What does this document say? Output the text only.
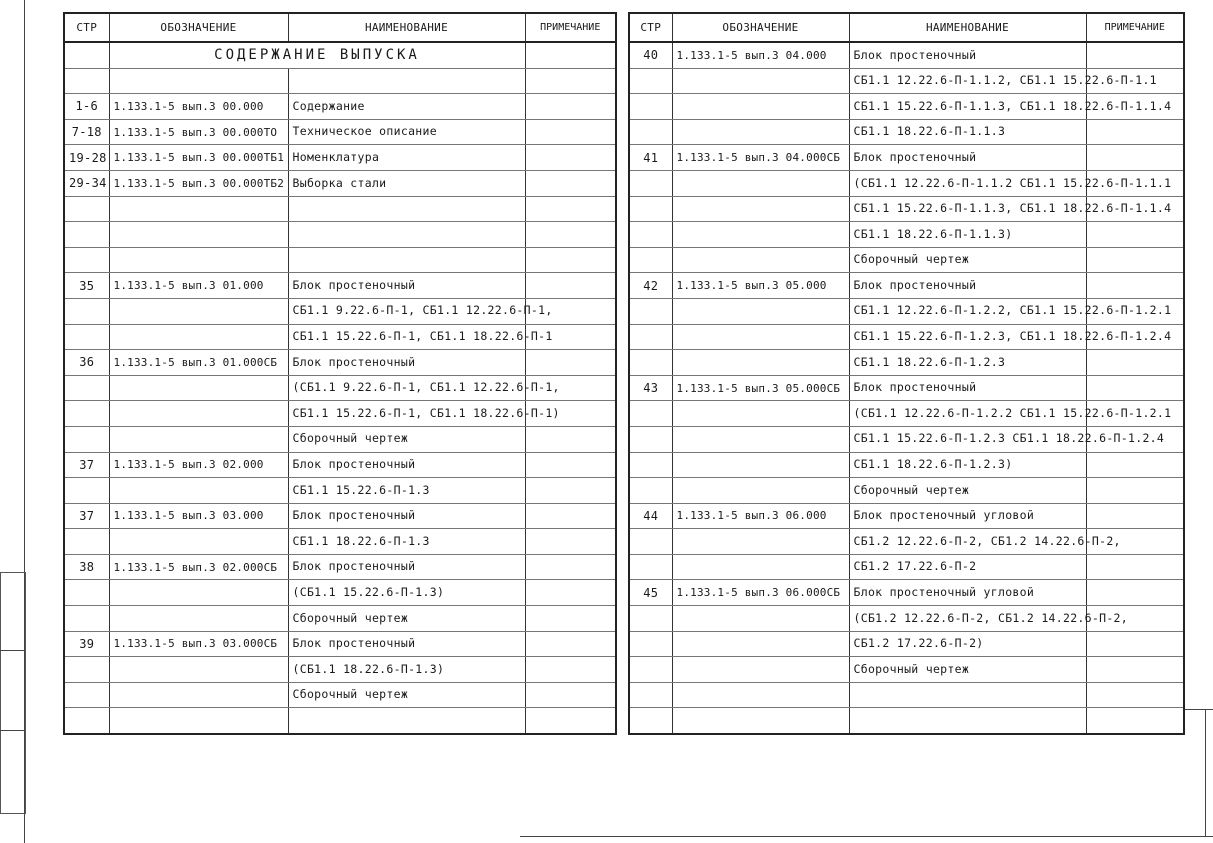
СТР	ОБОЗНАЧЕНИЕ	НАИМЕНОВАНИЕ	ПРИМЕЧАНИЕ
	СОДЕРЖАНИЕ ВЫПУСКА		

1-6	1.133.1-5 вып.3 00.000	Содержание	
7-18	1.133.1-5 вып.3 00.000ТО	Техническое описание	
19-28	1.133.1-5 вып.3 00.000ТБ1	Номенклатура	
29-34	1.133.1-5 вып.3 00.000ТБ2	Выборка стали	

35	1.133.1-5 вып.3 01.000	Блок простеночный	
		СБ1.1 9.22.6-П-1, СБ1.1 12.22.6-П-1,	
		СБ1.1 15.22.6-П-1, СБ1.1 18.22.6-П-1	
36	1.133.1-5 вып.3 01.000СБ	Блок простеночный	
		(СБ1.1 9.22.6-П-1, СБ1.1 12.22.6-П-1,	
		СБ1.1 15.22.6-П-1, СБ1.1 18.22.6-П-1)	
		Сборочный чертеж	
37	1.133.1-5 вып.3 02.000	Блок простеночный	
		СБ1.1 15.22.6-П-1.3	
37	1.133.1-5 вып.3 03.000	Блок простеночный	
		СБ1.1 18.22.6-П-1.3	
38	1.133.1-5 вып.3 02.000СБ	Блок простеночный	
		(СБ1.1 15.22.6-П-1.3)	
		Сборочный чертеж	
39	1.133.1-5 вып.3 03.000СБ	Блок простеночный	
		(СБ1.1 18.22.6-П-1.3)	
		Сборочный чертеж	

СТР	ОБОЗНАЧЕНИЕ	НАИМЕНОВАНИЕ	ПРИМЕЧАНИЕ
40	1.133.1-5 вып.3 04.000	Блок простеночный	
		СБ1.1 12.22.6-П-1.1.2, СБ1.1 15.22.6-П-1.1	
		СБ1.1 15.22.6-П-1.1.3, СБ1.1 18.22.6-П-1.1.4	
		СБ1.1 18.22.6-П-1.1.3	
41	1.133.1-5 вып.3 04.000СБ	Блок простеночный	
		(СБ1.1 12.22.6-П-1.1.2 СБ1.1 15.22.6-П-1.1.1	
		СБ1.1 15.22.6-П-1.1.3, СБ1.1 18.22.6-П-1.1.4	
		СБ1.1 18.22.6-П-1.1.3)	
		Сборочный чертеж	
42	1.133.1-5 вып.3 05.000	Блок простеночный	
		СБ1.1 12.22.6-П-1.2.2, СБ1.1 15.22.6-П-1.2.1	
		СБ1.1 15.22.6-П-1.2.3, СБ1.1 18.22.6-П-1.2.4	
		СБ1.1 18.22.6-П-1.2.3	
43	1.133.1-5 вып.3 05.000СБ	Блок простеночный	
		(СБ1.1 12.22.6-П-1.2.2 СБ1.1 15.22.6-П-1.2.1	
		СБ1.1 15.22.6-П-1.2.3 СБ1.1 18.22.6-П-1.2.4	
		СБ1.1 18.22.6-П-1.2.3)	
		Сборочный чертеж	
44	1.133.1-5 вып.3 06.000	Блок простеночный угловой	
		СБ1.2 12.22.6-П-2, СБ1.2 14.22.6-П-2,	
		СБ1.2 17.22.6-П-2	
45	1.133.1-5 вып.3 06.000СБ	Блок простеночный угловой	
		(СБ1.2 12.22.6-П-2, СБ1.2 14.22.6-П-2,	
		СБ1.2 17.22.6-П-2)	
		Сборочный чертеж	
